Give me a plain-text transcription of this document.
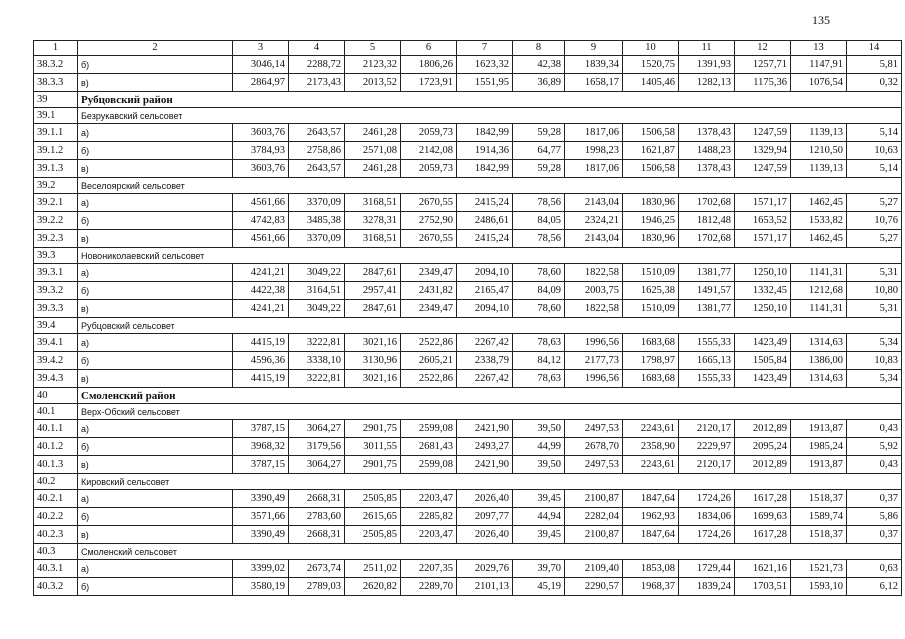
135
1	2	3	4	5	6	7	8	9	10	11	12	13	14
38.3.2	б)	3046,14	2288,72	2123,32	1806,26	1623,32	42,38	1839,34	1520,75	1391,93	1257,71	1147,91	5,81
38.3.3	в)	2864,97	2173,43	2013,52	1723,91	1551,95	36,89	1658,17	1405,46	1282,13	1175,36	1076,54	0,32
39	Рубцовский район												
39.1	Безрукавский сельсовет												
39.1.1	а)	3603,76	2643,57	2461,28	2059,73	1842,99	59,28	1817,06	1506,58	1378,43	1247,59	1139,13	5,14
39.1.2	б)	3784,93	2758,86	2571,08	2142,08	1914,36	64,77	1998,23	1621,87	1488,23	1329,94	1210,50	10,63
39.1.3	в)	3603,76	2643,57	2461,28	2059,73	1842,99	59,28	1817,06	1506,58	1378,43	1247,59	1139,13	5,14
39.2	Веселоярский сельсовет												
39.2.1	а)	4561,66	3370,09	3168,51	2670,55	2415,24	78,56	2143,04	1830,96	1702,68	1571,17	1462,45	5,27
39.2.2	б)	4742,83	3485,38	3278,31	2752,90	2486,61	84,05	2324,21	1946,25	1812,48	1653,52	1533,82	10,76
39.2.3	в)	4561,66	3370,09	3168,51	2670,55	2415,24	78,56	2143,04	1830,96	1702,68	1571,17	1462,45	5,27
39.3	Новониколаевский сельсовет												
39.3.1	а)	4241,21	3049,22	2847,61	2349,47	2094,10	78,60	1822,58	1510,09	1381,77	1250,10	1141,31	5,31
39.3.2	б)	4422,38	3164,51	2957,41	2431,82	2165,47	84,09	2003,75	1625,38	1491,57	1332,45	1212,68	10,80
39.3.3	в)	4241,21	3049,22	2847,61	2349,47	2094,10	78,60	1822,58	1510,09	1381,77	1250,10	1141,31	5,31
39.4	Рубцовский сельсовет												
39.4.1	а)	4415,19	3222,81	3021,16	2522,86	2267,42	78,63	1996,56	1683,68	1555,33	1423,49	1314,63	5,34
39.4.2	б)	4596,36	3338,10	3130,96	2605,21	2338,79	84,12	2177,73	1798,97	1665,13	1505,84	1386,00	10,83
39.4.3	в)	4415,19	3222,81	3021,16	2522,86	2267,42	78,63	1996,56	1683,68	1555,33	1423,49	1314,63	5,34
40	Смоленский район												
40.1	Верх-Обский сельсовет												
40.1.1	а)	3787,15	3064,27	2901,75	2599,08	2421,90	39,50	2497,53	2243,61	2120,17	2012,89	1913,87	0,43
40.1.2	б)	3968,32	3179,56	3011,55	2681,43	2493,27	44,99	2678,70	2358,90	2229,97	2095,24	1985,24	5,92
40.1.3	в)	3787,15	3064,27	2901,75	2599,08	2421,90	39,50	2497,53	2243,61	2120,17	2012,89	1913,87	0,43
40.2	Кировский сельсовет												
40.2.1	а)	3390,49	2668,31	2505,85	2203,47	2026,40	39,45	2100,87	1847,64	1724,26	1617,28	1518,37	0,37
40.2.2	б)	3571,66	2783,60	2615,65	2285,82	2097,77	44,94	2282,04	1962,93	1834,06	1699,63	1589,74	5,86
40.2.3	в)	3390,49	2668,31	2505,85	2203,47	2026,40	39,45	2100,87	1847,64	1724,26	1617,28	1518,37	0,37
40.3	Смоленский сельсовет												
40.3.1	а)	3399,02	2673,74	2511,02	2207,35	2029,76	39,70	2109,40	1853,08	1729,44	1621,16	1521,73	0,63
40.3.2	б)	3580,19	2789,03	2620,82	2289,70	2101,13	45,19	2290,57	1968,37	1839,24	1703,51	1593,10	6,12
